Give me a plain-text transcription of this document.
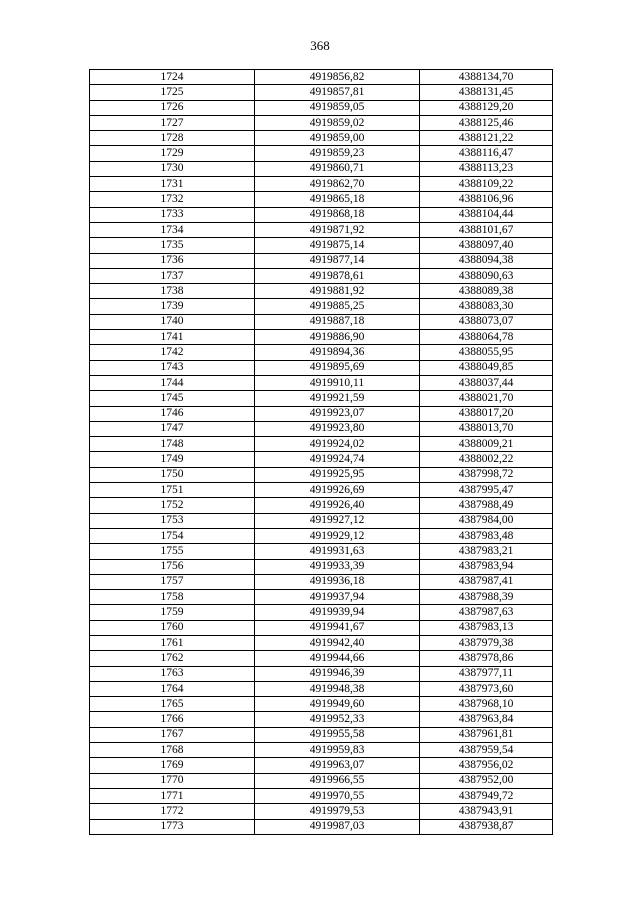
368
1724	4919856,82	4388134,70
1725	4919857,81	4388131,45
1726	4919859,05	4388129,20
1727	4919859,02	4388125,46
1728	4919859,00	4388121,22
1729	4919859,23	4388116,47
1730	4919860,71	4388113,23
1731	4919862,70	4388109,22
1732	4919865,18	4388106,96
1733	4919868,18	4388104,44
1734	4919871,92	4388101,67
1735	4919875,14	4388097,40
1736	4919877,14	4388094,38
1737	4919878,61	4388090,63
1738	4919881,92	4388089,38
1739	4919885,25	4388083,30
1740	4919887,18	4388073,07
1741	4919886,90	4388064,78
1742	4919894,36	4388055,95
1743	4919895,69	4388049,85
1744	4919910,11	4388037,44
1745	4919921,59	4388021,70
1746	4919923,07	4388017,20
1747	4919923,80	4388013,70
1748	4919924,02	4388009,21
1749	4919924,74	4388002,22
1750	4919925,95	4387998,72
1751	4919926,69	4387995,47
1752	4919926,40	4387988,49
1753	4919927,12	4387984,00
1754	4919929,12	4387983,48
1755	4919931,63	4387983,21
1756	4919933,39	4387983,94
1757	4919936,18	4387987,41
1758	4919937,94	4387988,39
1759	4919939,94	4387987,63
1760	4919941,67	4387983,13
1761	4919942,40	4387979,38
1762	4919944,66	4387978,86
1763	4919946,39	4387977,11
1764	4919948,38	4387973,60
1765	4919949,60	4387968,10
1766	4919952,33	4387963,84
1767	4919955,58	4387961,81
1768	4919959,83	4387959,54
1769	4919963,07	4387956,02
1770	4919966,55	4387952,00
1771	4919970,55	4387949,72
1772	4919979,53	4387943,91
1773	4919987,03	4387938,87
